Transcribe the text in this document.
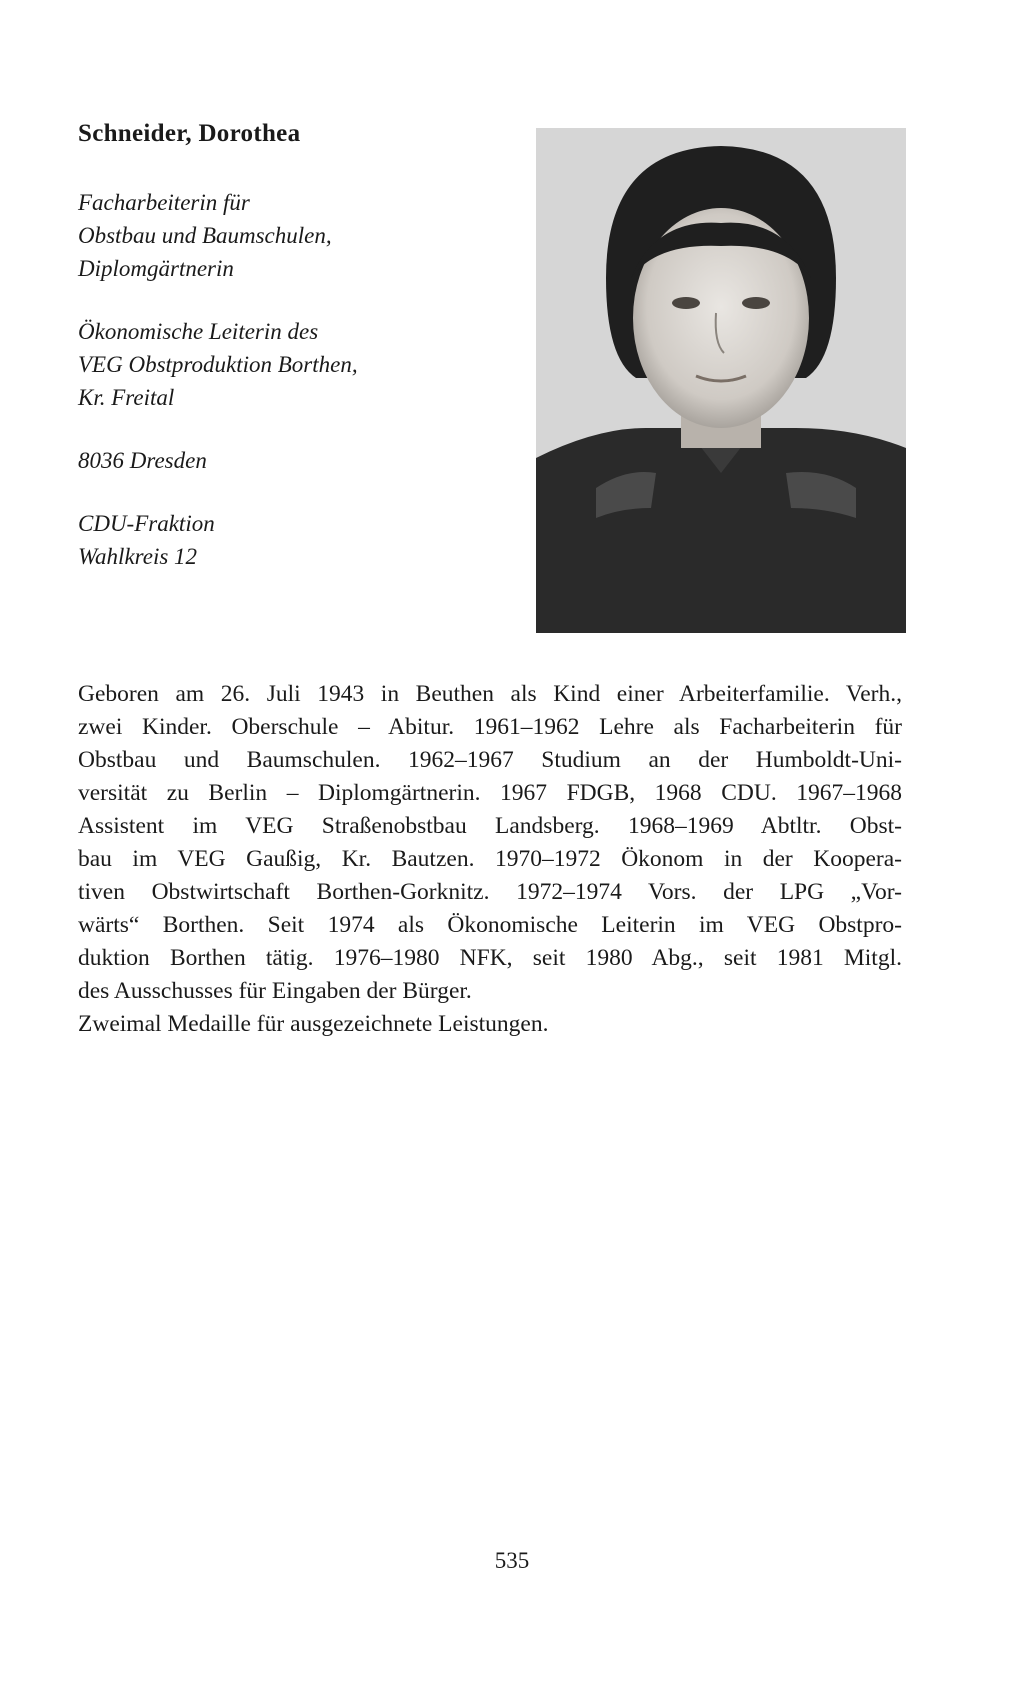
Schneider, Dorothea
Facharbeiterin für
Obstbau und Baumschulen,
Diplomgärtnerin
Ökonomische Leiterin des
VEG Obstproduktion Borthen,
Kr. Freital
8036 Dresden
CDU-Fraktion
Wahlkreis 12
Geboren am 26. Juli 1943 in Beuthen als Kind einer Arbeiterfamilie. Verh.,
zwei Kinder. Oberschule – Abitur. 1961–1962 Lehre als Facharbeiterin für
Obstbau und Baumschulen. 1962–1967 Studium an der Humboldt-Uni-
versität zu Berlin – Diplomgärtnerin. 1967 FDGB, 1968 CDU. 1967–1968
Assistent im VEG Straßenobstbau Landsberg. 1968–1969 Abtltr. Obst-
bau im VEG Gaußig, Kr. Bautzen. 1970–1972 Ökonom in der Koopera-
tiven Obstwirtschaft Borthen-Gorknitz. 1972–1974 Vors. der LPG „Vor-
wärts“ Borthen. Seit 1974 als Ökonomische Leiterin im VEG Obstpro-
duktion Borthen tätig. 1976–1980 NFK, seit 1980 Abg., seit 1981 Mitgl.
des Ausschusses für Eingaben der Bürger.
Zweimal Medaille für ausgezeichnete Leistungen.
535
